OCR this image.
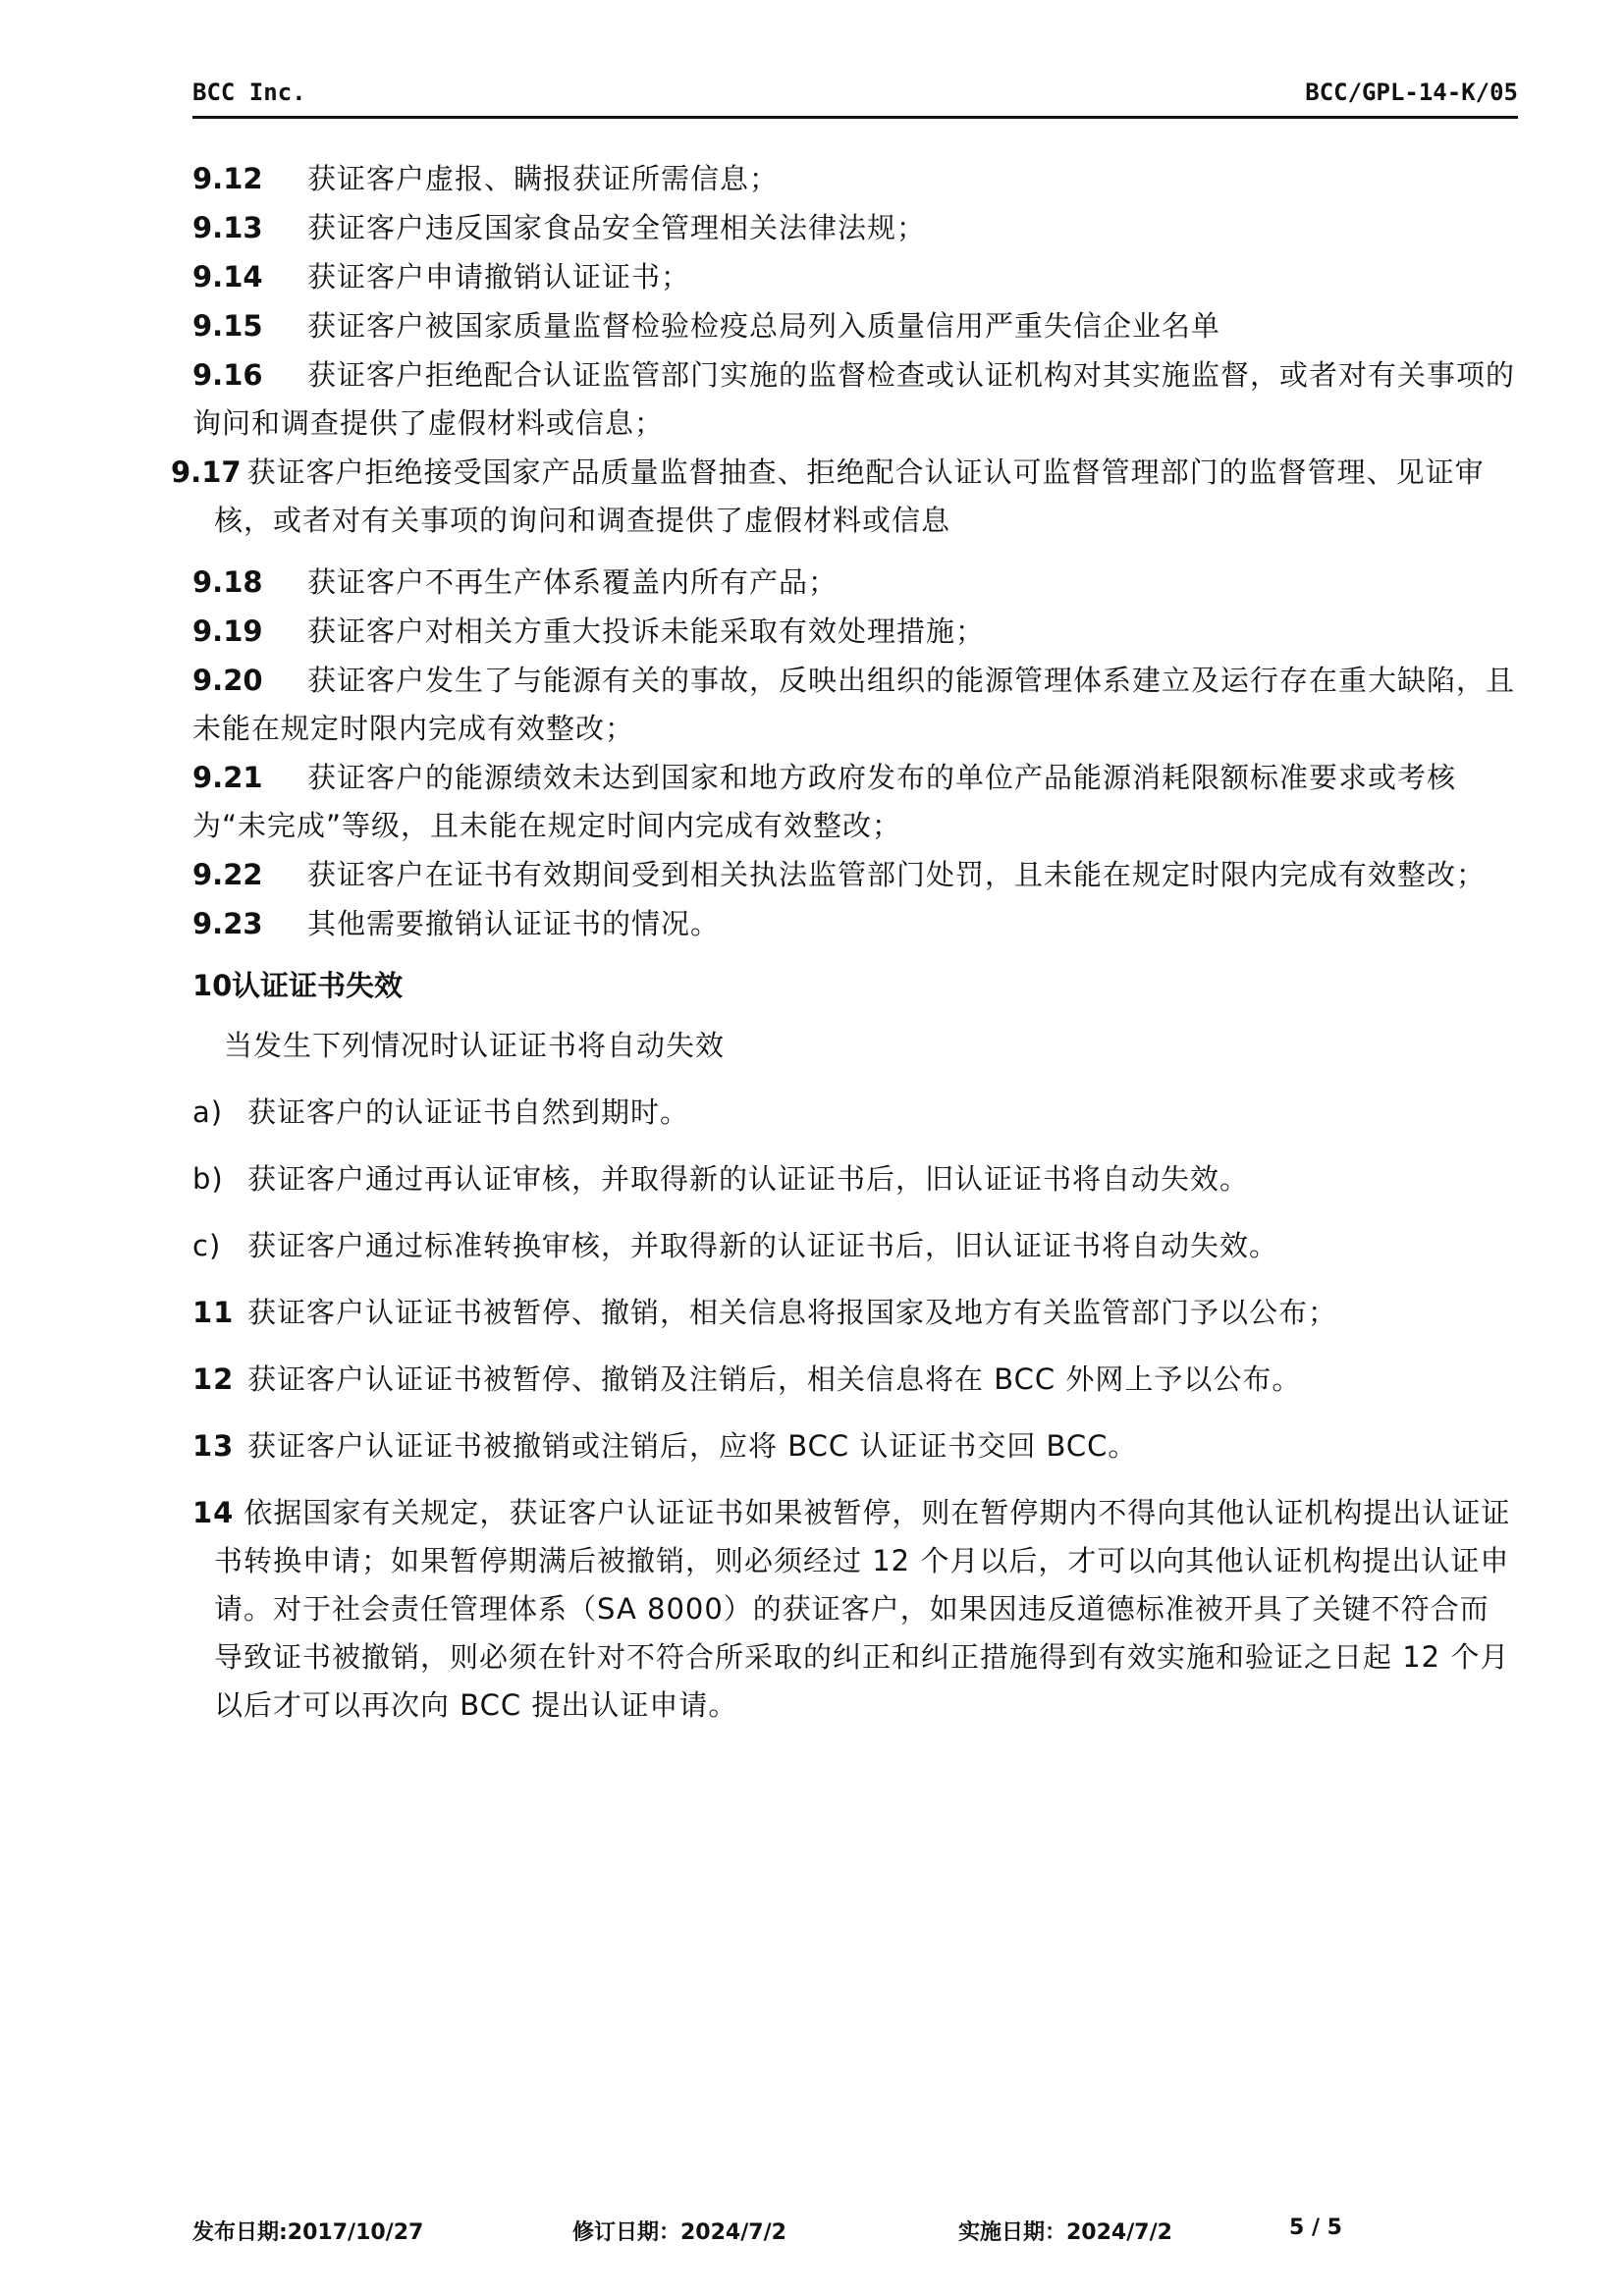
BCC Inc.	BCC/GPL-14-K/05
9.12 获证客户虚报、瞒报获证所需信息；
9.13 获证客户违反国家食品安全管理相关法律法规；
9.14 获证客户申请撤销认证证书；
9.15 获证客户被国家质量监督检验检疫总局列入质量信用严重失信企业名单
9.16 获证客户拒绝配合认证监管部门实施的监督检查或认证机构对其实施监督，或者对有关事项的询问和调查提供了虚假材料或信息；
9.17 获证客户拒绝接受国家产品质量监督抽查、拒绝配合认证认可监督管理部门的监督管理、见证审核，或者对有关事项的询问和调查提供了虚假材料或信息
9.18 获证客户不再生产体系覆盖内所有产品；
9.19 获证客户对相关方重大投诉未能采取有效处理措施；
9.20 获证客户发生了与能源有关的事故，反映出组织的能源管理体系建立及运行存在重大缺陷，且未能在规定时限内完成有效整改；
9.21 获证客户的能源绩效未达到国家和地方政府发布的单位产品能源消耗限额标准要求或考核为“未完成”等级，且未能在规定时间内完成有效整改；
9.22 获证客户在证书有效期间受到相关执法监管部门处罚，且未能在规定时限内完成有效整改；
9.23 其他需要撤销认证证书的情况。
10认证证书失效
当发生下列情况时认证证书将自动失效
a) 获证客户的认证证书自然到期时。
b) 获证客户通过再认证审核，并取得新的认证证书后，旧认证证书将自动失效。
c) 获证客户通过标准转换审核，并取得新的认证证书后，旧认证证书将自动失效。
11 获证客户认证证书被暂停、撤销，相关信息将报国家及地方有关监管部门予以公布；
12 获证客户认证证书被暂停、撤销及注销后，相关信息将在 BCC 外网上予以公布。
13 获证客户认证证书被撤销或注销后，应将 BCC 认证证书交回 BCC。
14 依据国家有关规定，获证客户认证证书如果被暂停，则在暂停期内不得向其他认证机构提出认证证书转换申请；如果暂停期满后被撤销，则必须经过 12 个月以后，才可以向其他认证机构提出认证申请。对于社会责任管理体系（SA 8000）的获证客户，如果因违反道德标准被开具了关键不符合而导致证书被撤销，则必须在针对不符合所采取的纠正和纠正措施得到有效实施和验证之日起 12 个月以后才可以再次向 BCC 提出认证申请。
发布日期:2017/10/27	修订日期：2024/7/2	实施日期：2024/7/2	5 / 5
